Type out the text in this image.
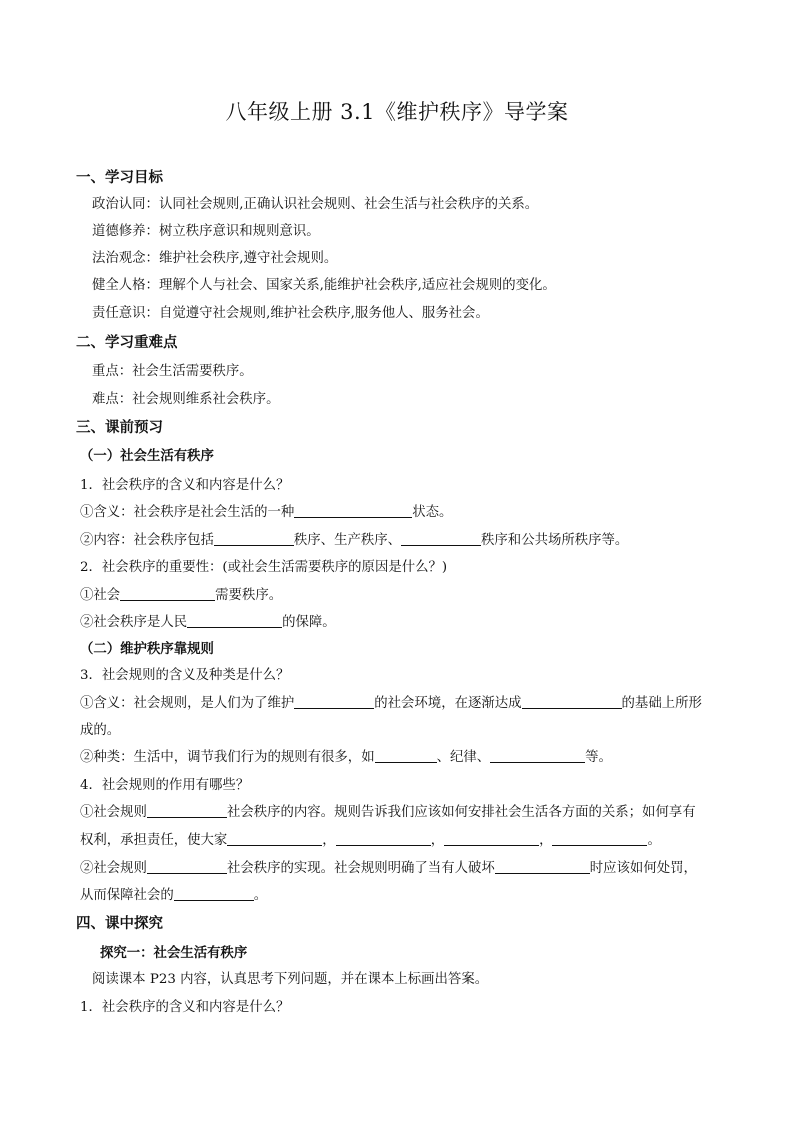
八年级上册 3.1《维护秩序》导学案
一、学习目标
政治认同：认同社会规则,正确认识社会规则、社会生活与社会秩序的关系。
道德修养：树立秩序意识和规则意识。
法治观念：维护社会秩序,遵守社会规则。
健全人格：理解个人与社会、国家关系,能维护社会秩序,适应社会规则的变化。
责任意识：自觉遵守社会规则,维护社会秩序,服务他人、服务社会。
二、学习重难点
重点：社会生活需要秩序。
难点：社会规则维系社会秩序。
三、课前预习
（一）社会生活有秩序
1．社会秩序的含义和内容是什么？
①含义：社会秩序是社会生活的一种	状态。
②内容：社会秩序包括	秩序、生产秩序、	秩序和公共场所秩序等。
2．社会秩序的重要性：(或社会生活需要秩序的原因是什么？)
①社会	需要秩序。
②社会秩序是人民	的保障。
（二）维护秩序靠规则
3．社会规则的含义及种类是什么？
①含义：社会规则，是人们为了维护	的社会环境，在逐渐达成	的基础上所形
成的。
②种类：生活中，调节我们行为的规则有很多，如	、纪律、	等。
4．社会规则的作用有哪些？
①社会规则	社会秩序的内容。规则告诉我们应该如何安排社会生活各方面的关系；如何享有
权利，承担责任，使大家	，	，	，	。
②社会规则	社会秩序的实现。社会规则明确了当有人破坏	时应该如何处罚，
从而保障社会的	。
四、课中探究
探究一：社会生活有秩序
阅读课本 P23 内容，认真思考下列问题，并在课本上标画出答案。
1．社会秩序的含义和内容是什么？
